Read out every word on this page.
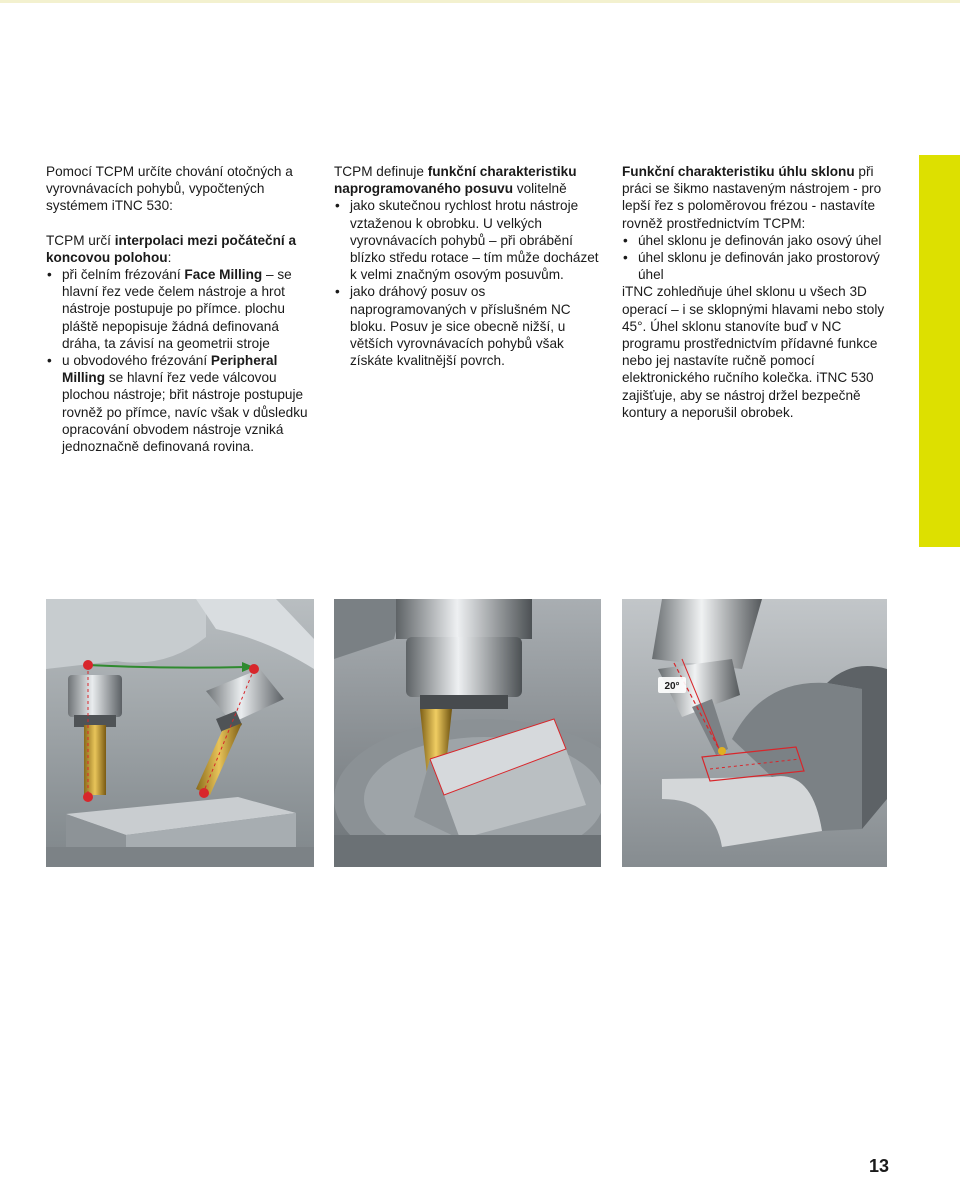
Pomocí TCPM určíte chování otočných a vyrovnávacích pohybů, vypočtených systémem iTNC 530:

TCPM určí interpolaci mezi počáteční a koncovou polohou:

• při čelním frézování Face Milling – se hlavní řez vede čelem nástroje a hrot nástroje postupuje po přímce. plochu pláště nepopisuje žádná definovaná dráha, ta závisí na geometrii stroje
• u obvodového frézování Peripheral Milling se hlavní řez vede válcovou plochou nástroje; břit nástroje postupuje rovněž po přímce, navíc však v důsledku opracování obvodem nástroje vzniká jednoznačně definovaná rovina.

TCPM definuje funkční charakteristiku naprogramovaného posuvu volitelně

• jako skutečnou rychlost hrotu nástroje vztaženou k obrobku. U velkých vyrovnávacích pohybů – při obrábění blízko středu rotace – tím může docházet k velmi značným osovým posuvům.
• jako dráhový posuv os naprogramovaných v příslušném NC bloku. Posuv je sice obecně nižší, u větších vyrovnávacích pohybů však získáte kvalitnější povrch.

Funkční charakteristiku úhlu sklonu při práci se šikmo nastaveným nástrojem - pro lepší řez s poloměrovou frézou - nastavíte rovněž prostřednictvím TCPM:

• úhel sklonu je definován jako osový úhel
• úhel sklonu je definován jako prostorový úhel

iTNC zohledňuje úhel sklonu u všech 3D operací – i se sklopnými hlavami nebo stoly 45°. Úhel sklonu stanovíte buď v NC programu prostřednictvím přídavné funkce nebo jej nastavíte ručně pomocí elektronického ručního kolečka. iTNC 530 zajišťuje, aby se nástroj držel bezpečně kontury a neporušil obrobek.

20°
13
